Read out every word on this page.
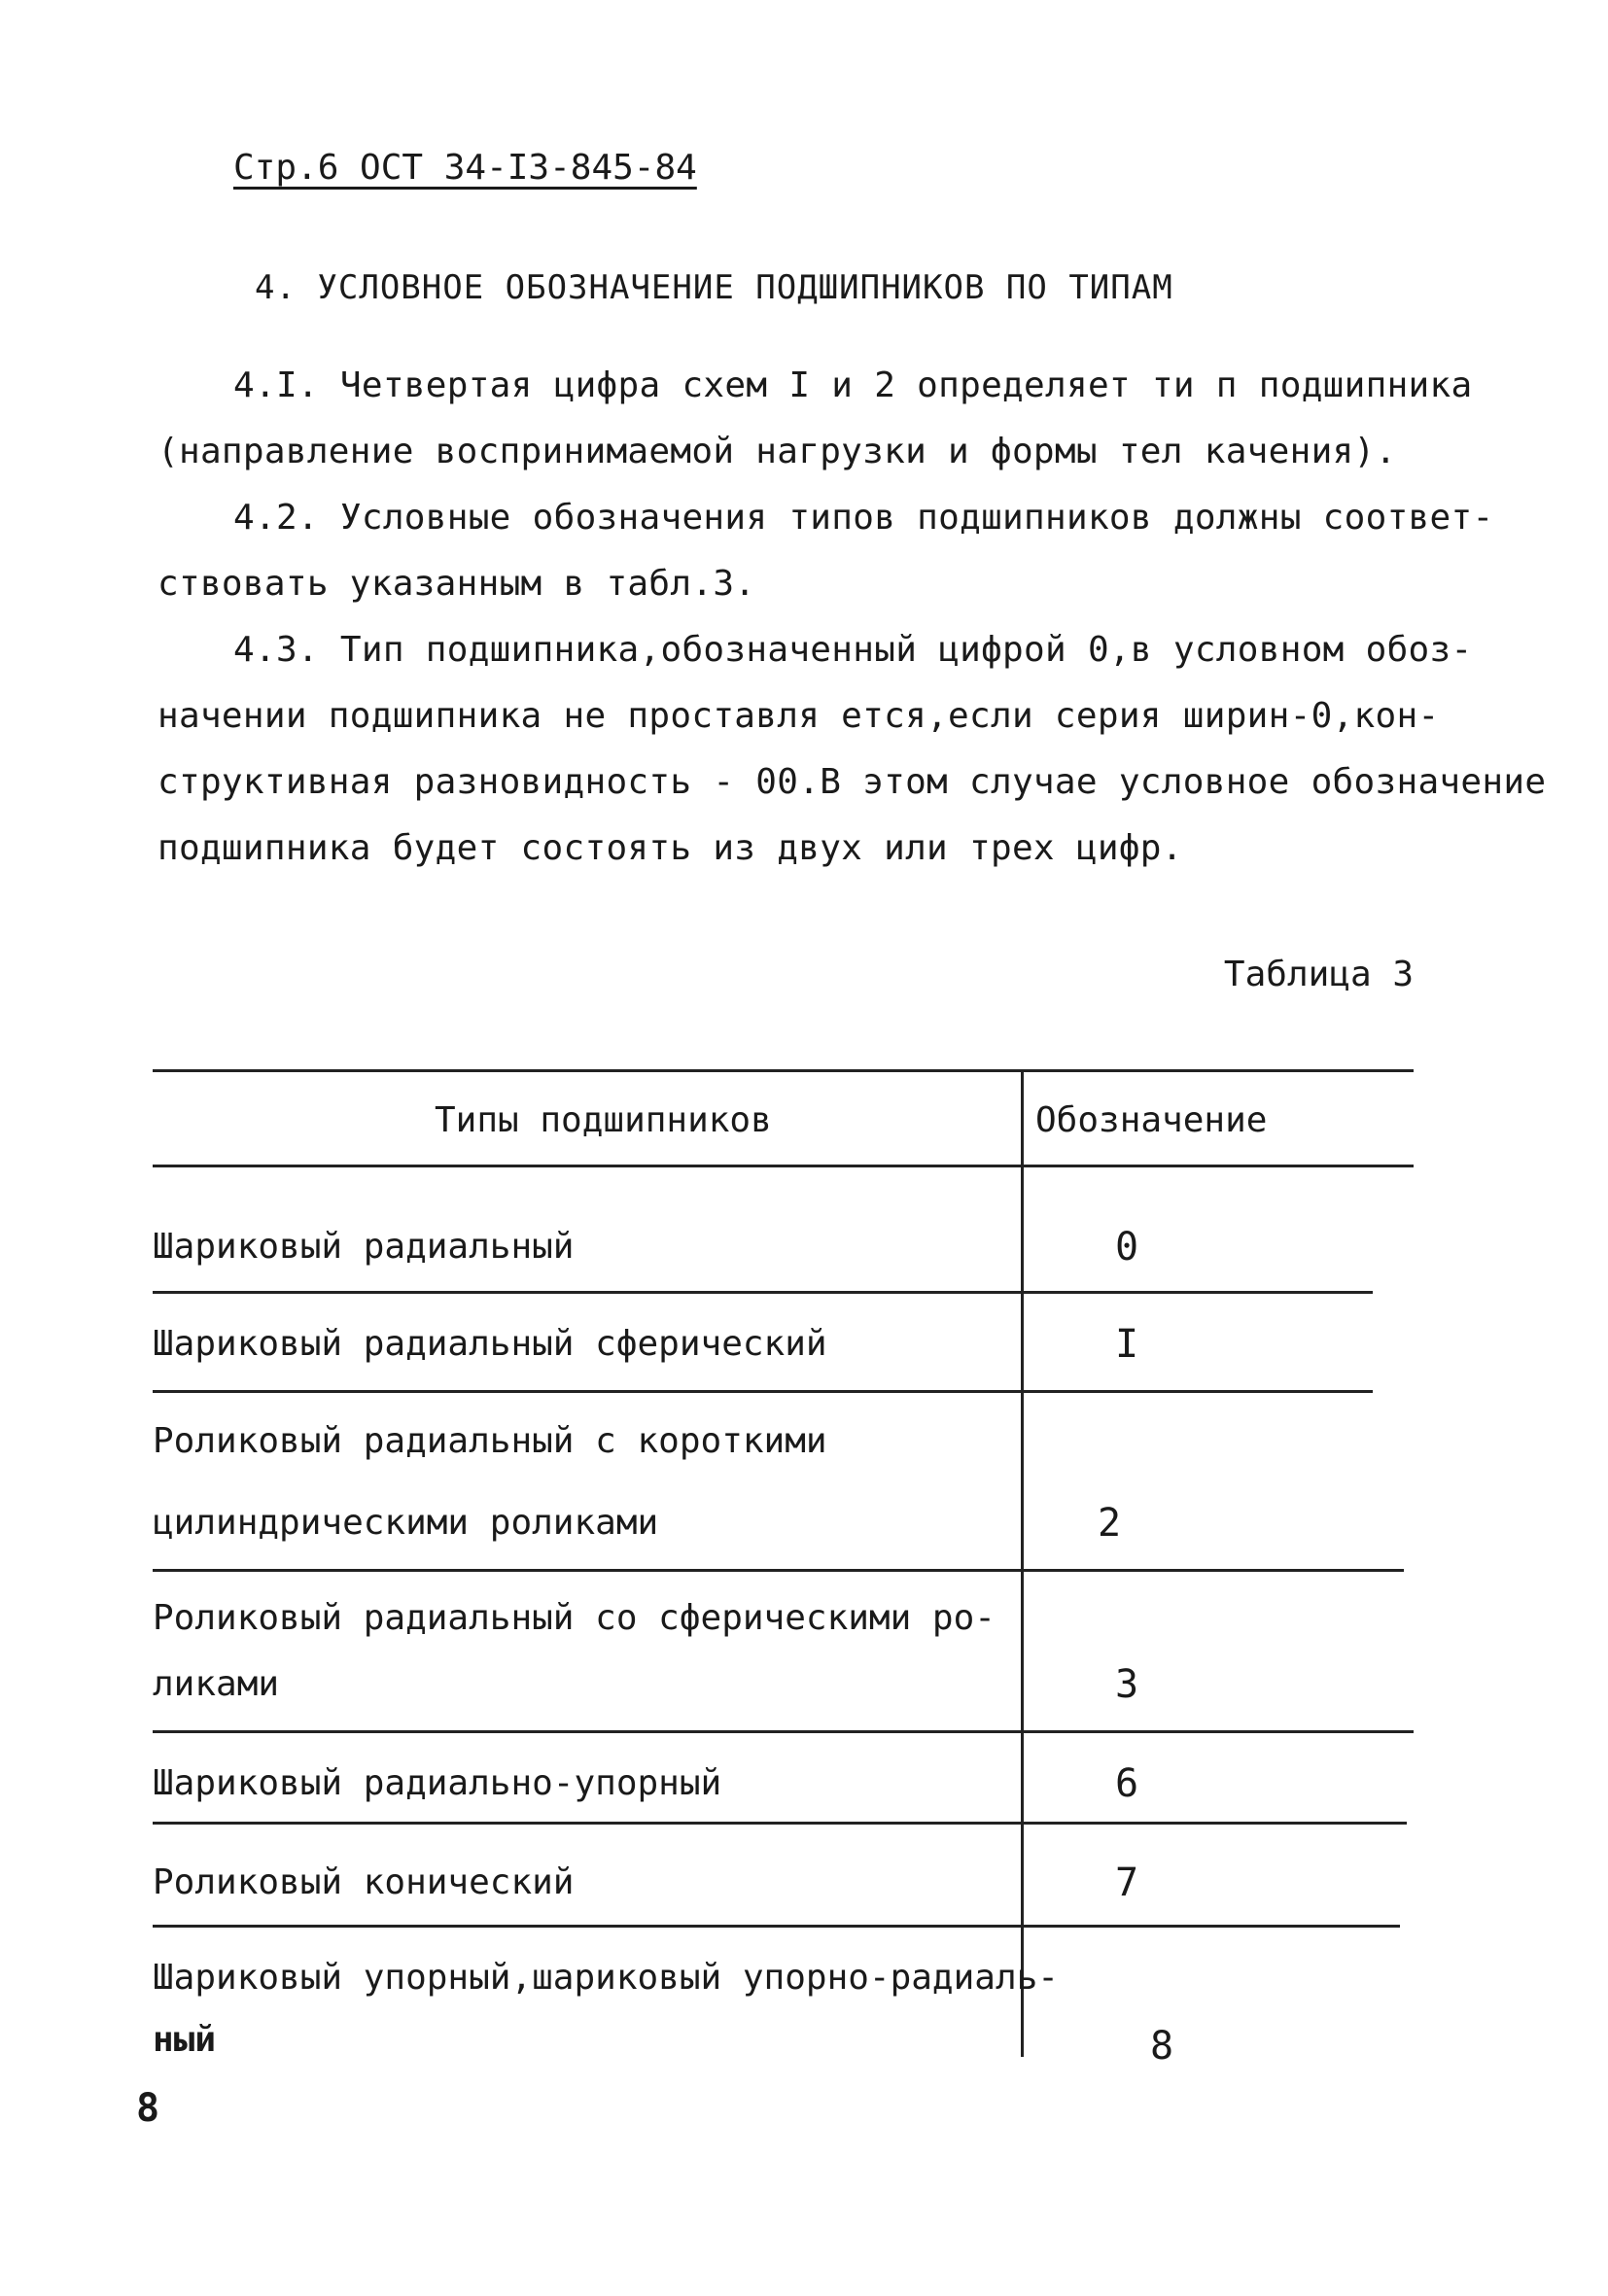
Стр.6 ОСТ 34-I3-845-84
4. УСЛОВНОЕ ОБОЗНАЧЕНИЕ ПОДШИПНИКОВ ПО ТИПАМ
4.I. Четвертая цифра схем I и 2 определяет ти п подшипника
(направление воспринимаемой нагрузки и формы тел качения).
4.2. Условные обозначения типов подшипников должны соответ-
ствовать указанным в табл.3.
4.3. Тип подшипника,обозначенный цифрой 0,в условном обоз-
начении подшипника не проставля ется,если серия ширин-0,кон-
структивная разновидность - 00.В этом случае условное обозначение
подшипника будет состоять из двух или трех цифр.
Таблица 3
Типы подшипников	Обозначение
Шариковый радиальный	0
Шариковый радиальный сферический	I
Роликовый радиальный с короткими
цилиндрическими роликами	2
Роликовый радиальный со сферическими ро-
ликами	3
Шариковый радиально-упорный	6
Роликовый конический	7
Шариковый упорный,шариковый упорно-радиаль-
ный	8
8
